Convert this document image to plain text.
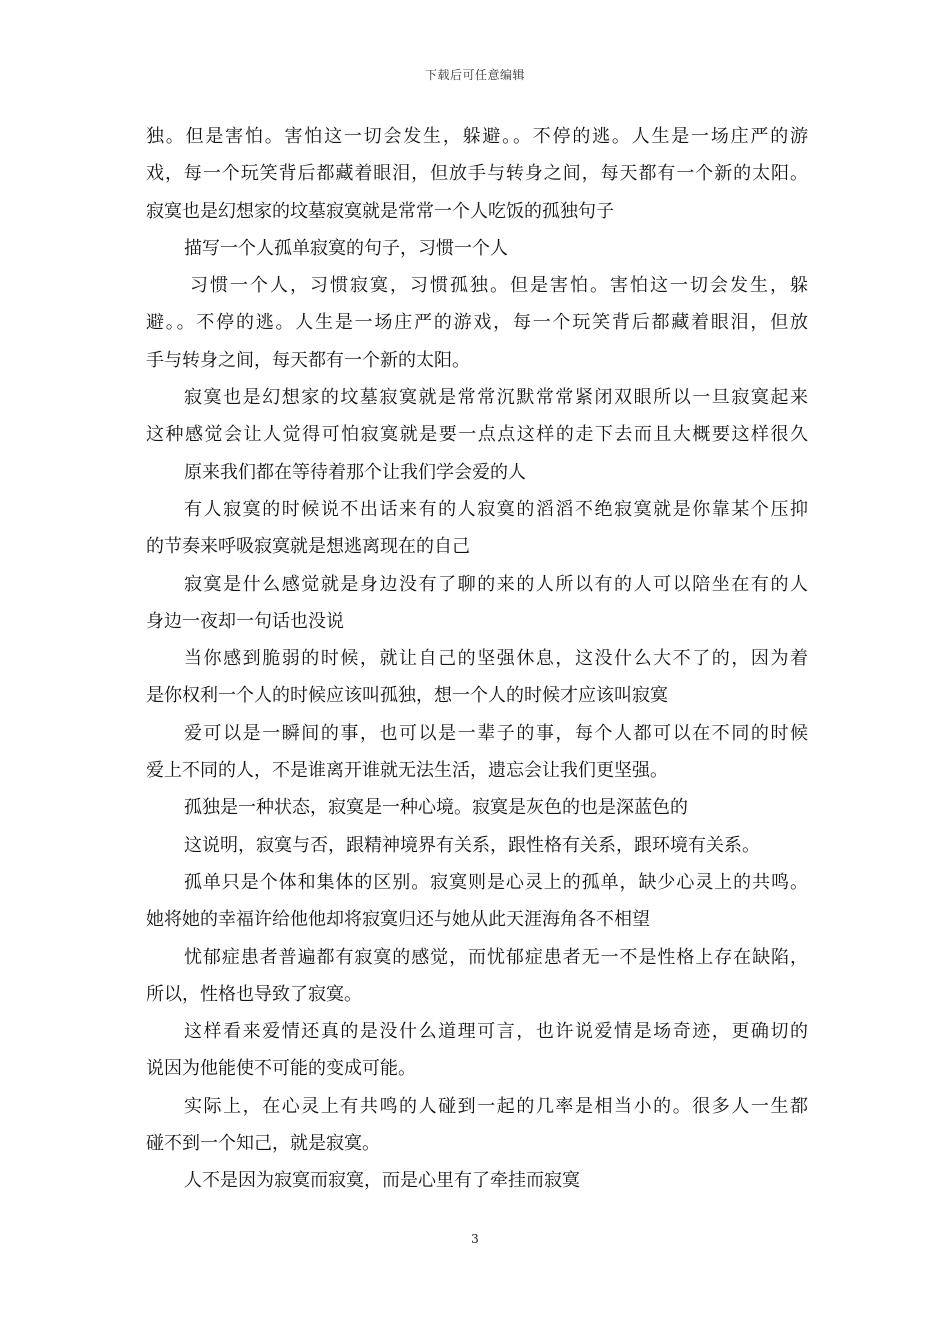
下载后可任意编辑
独。但是害怕。害怕这一切会发生，躲避。。不停的逃。人生是一场庄严的游
戏，每一个玩笑背后都藏着眼泪，但放手与转身之间，每天都有一个新的太阳。
寂寞也是幻想家的坟墓寂寞就是常常一个人吃饭的孤独句子
描写一个人孤单寂寞的句子，习惯一个人
习惯一个人，习惯寂寞，习惯孤独。但是害怕。害怕这一切会发生，躲
避。。不停的逃。人生是一场庄严的游戏，每一个玩笑背后都藏着眼泪，但放
手与转身之间，每天都有一个新的太阳。
寂寞也是幻想家的坟墓寂寞就是常常沉默常常紧闭双眼所以一旦寂寞起来
这种感觉会让人觉得可怕寂寞就是要一点点这样的走下去而且大概要这样很久
原来我们都在等待着那个让我们学会爱的人
有人寂寞的时候说不出话来有的人寂寞的滔滔不绝寂寞就是你靠某个压抑
的节奏来呼吸寂寞就是想逃离现在的自己
寂寞是什么感觉就是身边没有了聊的来的人所以有的人可以陪坐在有的人
身边一夜却一句话也没说
当你感到脆弱的时候，就让自己的坚强休息，这没什么大不了的，因为着
是你权利一个人的时候应该叫孤独，想一个人的时候才应该叫寂寞
爱可以是一瞬间的事，也可以是一辈子的事，每个人都可以在不同的时候
爱上不同的人，不是谁离开谁就无法生活，遗忘会让我们更坚强。
孤独是一种状态，寂寞是一种心境。寂寞是灰色的也是深蓝色的
这说明，寂寞与否，跟精神境界有关系，跟性格有关系，跟环境有关系。
孤单只是个体和集体的区别。寂寞则是心灵上的孤单，缺少心灵上的共鸣。
她将她的幸福许给他他却将寂寞归还与她从此天涯海角各不相望
忧郁症患者普遍都有寂寞的感觉，而忧郁症患者无一不是性格上存在缺陷，
所以，性格也导致了寂寞。
这样看来爱情还真的是没什么道理可言，也许说爱情是场奇迹，更确切的
说因为他能使不可能的变成可能。
实际上，在心灵上有共鸣的人碰到一起的几率是相当小的。很多人一生都
碰不到一个知己，就是寂寞。
人不是因为寂寞而寂寞，而是心里有了牵挂而寂寞
3
